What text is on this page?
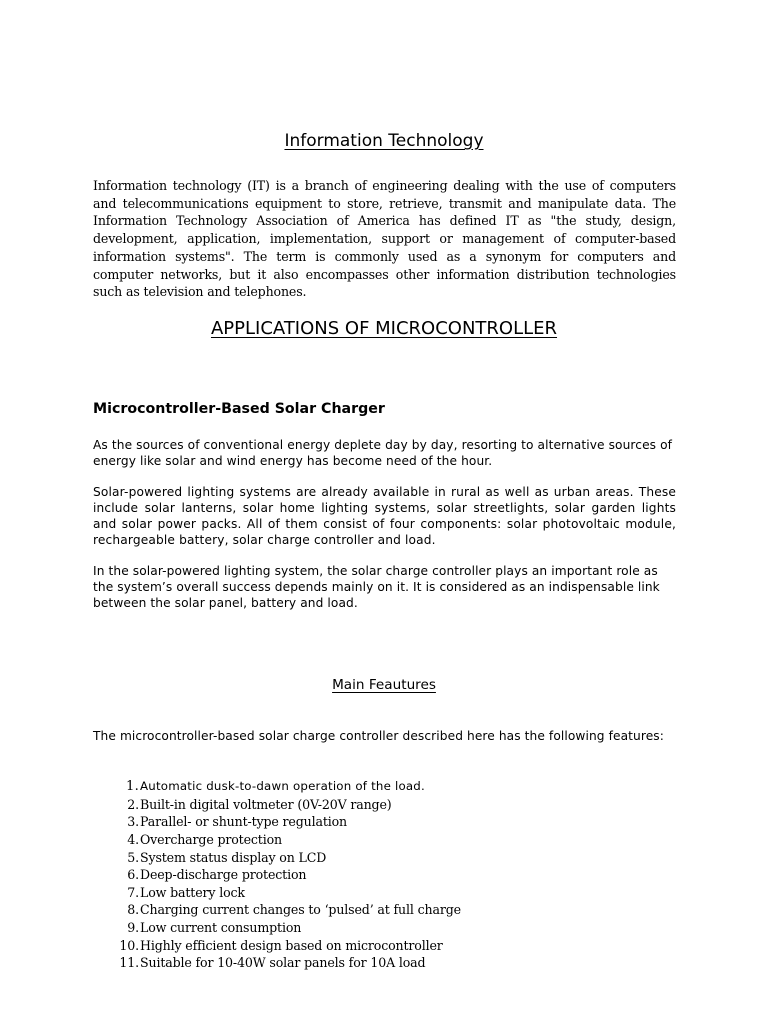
Information Technology

Information technology (IT) is a branch of engineering dealing with the use of computers and telecommunications equipment to store, retrieve, transmit and manipulate data. The Information Technology Association of America has defined IT as "the study, design, development, application, implementation, support or management of computer-based information systems". The term is commonly used as a synonym for computers and computer networks, but it also encompasses other information distribution technologies such as television and telephones.

APPLICATIONS OF MICROCONTROLLER
Microcontroller-Based Solar Charger

As the sources of conventional energy deplete day by day, resorting to alternative sources of energy like solar and wind energy has become need of the hour.

Solar-powered lighting systems are already available in rural as well as urban areas. These include solar lanterns, solar home lighting systems, solar streetlights, solar garden lights and solar power packs. All of them consist of four components: solar photovoltaic module, rechargeable battery, solar charge controller and load.

In the solar-powered lighting system, the solar charge controller plays an important role as the system’s overall success depends mainly on it. It is considered as an indispensable link between the solar panel, battery and load.

Main Feautures

The microcontroller-based solar charge controller described here has the following features:

1. Automatic dusk-to-dawn operation of the load.
2. Built-in digital voltmeter (0V-20V range)
3. Parallel- or shunt-type regulation
4. Overcharge protection
5. System status display on LCD
6. Deep-discharge protection
7. Low battery lock
8. Charging current changes to ‘pulsed’ at full charge
9. Low current consumption
10. Highly efficient design based on microcontroller
11. Suitable for 10-40W solar panels for 10A load
